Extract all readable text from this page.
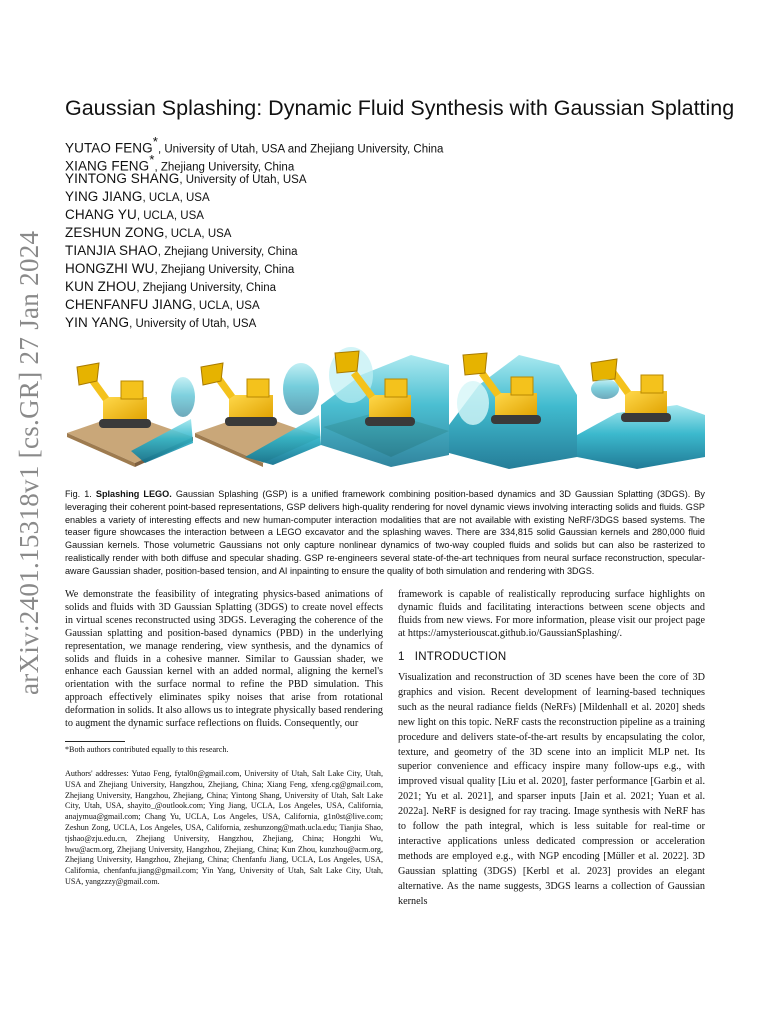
arXiv:2401.15318v1 [cs.GR] 27 Jan 2024
Gaussian Splashing: Dynamic Fluid Synthesis with Gaussian Splatting
YUTAO FENG*, University of Utah, USA and Zhejiang University, China
XIANG FENG*, Zhejiang University, China
YINTONG SHANG, University of Utah, USA
YING JIANG, UCLA, USA
CHANG YU, UCLA, USA
ZESHUN ZONG, UCLA, USA
TIANJIA SHAO, Zhejiang University, China
HONGZHI WU, Zhejiang University, China
KUN ZHOU, Zhejiang University, China
CHENFANFU JIANG, UCLA, USA
YIN YANG, University of Utah, USA
Fig. 1. Splashing LEGO. Gaussian Splashing (GSP) is a unified framework combining position-based dynamics and 3D Gaussian Splatting (3DGS). By leveraging their coherent point-based representations, GSP delivers high-quality rendering for novel dynamic views involving interacting solids and fluids. GSP enables a variety of interesting effects and new human-computer interaction modalities that are not available with existing NeRF/3DGS based systems. The teaser figure showcases the interaction between a LEGO excavator and the splashing waves. There are 334,815 solid Gaussian kernels and 280,000 fluid Gaussian kernels. Those volumetric Gaussians not only capture nonlinear dynamics of two-way coupled fluids and solids but can also be rasterized to realistically render with both diffuse and specular shading. GSP re-engineers several state-of-the-art techniques from neural surface reconstruction, specular-aware Gaussian shader, position-based tension, and AI inpainting to ensure the quality of both simulation and rendering with 3DGS.
We demonstrate the feasibility of integrating physics-based animations of solids and fluids with 3D Gaussian Splatting (3DGS) to create novel effects in virtual scenes reconstructed using 3DGS. Leveraging the coherence of the Gaussian splatting and position-based dynamics (PBD) in the underlying representation, we manage rendering, view synthesis, and the dynamics of solids and fluids in a cohesive manner. Similar to Gaussian shader, we enhance each Gaussian kernel with an added normal, aligning the kernel's orientation with the surface normal to refine the PBD simulation. This approach effectively eliminates spiky noises that arise from rotational deformation in solids. It also allows us to integrate physically based rendering to augment the dynamic surface reflections on fluids. Consequently, our
*Both authors contributed equally to this research.
Authors' addresses: Yutao Feng, fytal0n@gmail.com, University of Utah, Salt Lake City, Utah, USA and Zhejiang University, Hangzhou, Zhejiang, China; Xiang Feng, xfeng.cg@gmail.com, Zhejiang University, Hangzhou, Zhejiang, China; Yintong Shang, University of Utah, Salt Lake City, Utah, USA, shayito_@outlook.com; Ying Jiang, UCLA, Los Angeles, USA, California, anajymua@gmail.com; Chang Yu, UCLA, Los Angeles, USA, California, g1n0st@live.com; Zeshun Zong, UCLA, Los Angeles, USA, California, zeshunzong@math.ucla.edu; Tianjia Shao, tjshao@zju.edu.cn, Zhejiang University, Hangzhou, Zhejiang, China; Hongzhi Wu, hwu@acm.org, Zhejiang University, Hangzhou, Zhejiang, China; Kun Zhou, kunzhou@acm.org, Zhejiang University, Hangzhou, Zhejiang, China; Chenfanfu Jiang, UCLA, Los Angeles, USA, California, chenfanfu.jiang@gmail.com; Yin Yang, University of Utah, Salt Lake City, Utah, USA, yangzzzy@gmail.com.
framework is capable of realistically reproducing surface highlights on dynamic fluids and facilitating interactions between scene objects and fluids from new views. For more information, please visit our project page at https://amysteriouscat.github.io/GaussianSplashing/.
1 INTRODUCTION
Visualization and reconstruction of 3D scenes have been the core of 3D graphics and vision. Recent development of learning-based techniques such as the neural radiance fields (NeRFs) [Mildenhall et al. 2020] sheds new light on this topic. NeRF casts the reconstruction pipeline as a training procedure and delivers state-of-the-art results by encapsulating the color, texture, and geometry of the 3D scene into an implicit MLP net. Its superior convenience and efficacy inspire many follow-ups e.g., with improved visual quality [Liu et al. 2020], faster performance [Garbin et al. 2021; Yu et al. 2021], and sparser inputs [Jain et al. 2021; Yuan et al. 2022a]. NeRF is designed for ray tracing. Image synthesis with NeRF has to follow the path integral, which is less suitable for real-time or interactive applications unless dedicated compression or acceleration methods are employed e.g., with NGP encoding [Müller et al. 2022]. 3D Gaussian splatting (3DGS) [Kerbl et al. 2023] provides an elegant alternative. As the name suggests, 3DGS learns a collection of Gaussian kernels
